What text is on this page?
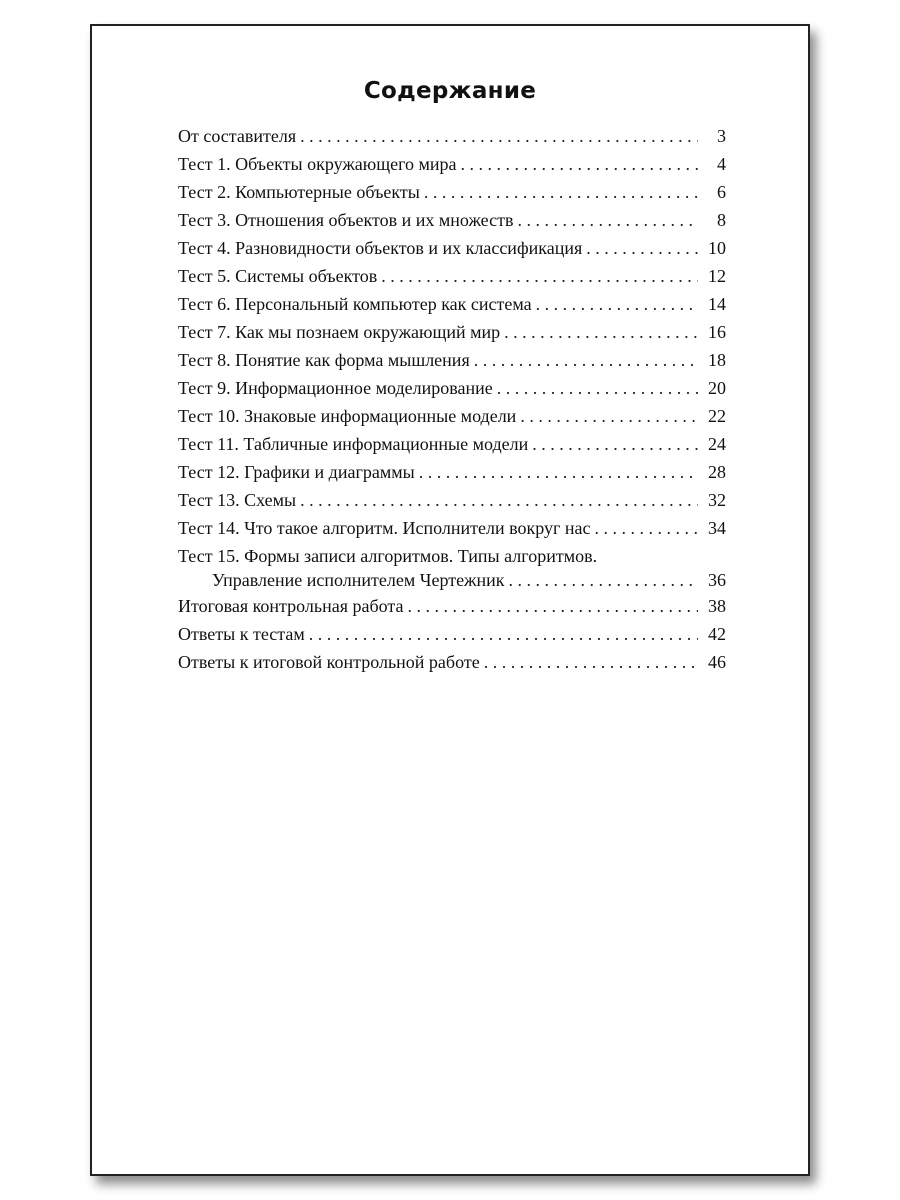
Содержание
От составителя . . .	3
Тест 1. Объекты окружающего мира . . .	4
Тест 2. Компьютерные объекты . . .	6
Тест 3. Отношения объектов и их множеств . . .	8
Тест 4. Разновидности объектов и их классификация . . .	10
Тест 5. Системы объектов . . .	12
Тест 6. Персональный компьютер как система . . .	14
Тест 7. Как мы познаем окружающий мир . . .	16
Тест 8. Понятие как форма мышления . . .	18
Тест 9. Информационное моделирование . . .	20
Тест 10. Знаковые информационные модели . . .	22
Тест 11. Табличные информационные модели . . .	24
Тест 12. Графики и диаграммы . . .	28
Тест 13. Схемы . . .	32
Тест 14. Что такое алгоритм. Исполнители вокруг нас . . .	34
Тест 15. Формы записи алгоритмов. Типы алгоритмов.
Управление исполнителем Чертежник . . .	36
Итоговая контрольная работа . . .	38
Ответы к тестам . . .	42
Ответы к итоговой контрольной работе . . .	46
